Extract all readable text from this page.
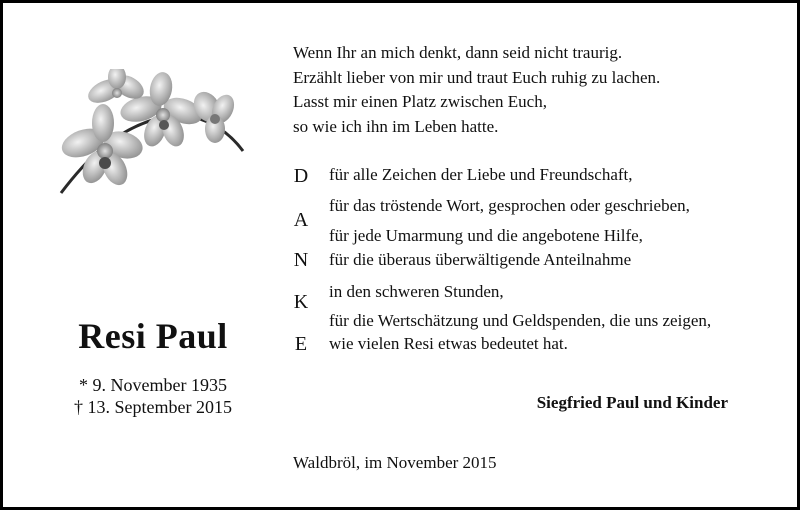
Resi Paul
* 9. November 1935
† 13. September 2015
Wenn Ihr an mich denkt, dann seid nicht traurig.
Erzählt lieber von mir und traut Euch ruhig zu lachen.
Lasst mir einen Platz zwischen Euch,
so wie ich ihn im Leben hatte.
D
A
N
K
E
für alle Zeichen der Liebe und Freundschaft,
für das tröstende Wort, gesprochen oder geschrieben,
für jede Umarmung und die angebotene Hilfe,
für die überaus überwältigende Anteilnahme
in den schweren Stunden,
für die Wertschätzung und Geldspenden, die uns zeigen,
wie vielen Resi etwas bedeutet hat.
Siegfried Paul und Kinder
Waldbröl, im November 2015
